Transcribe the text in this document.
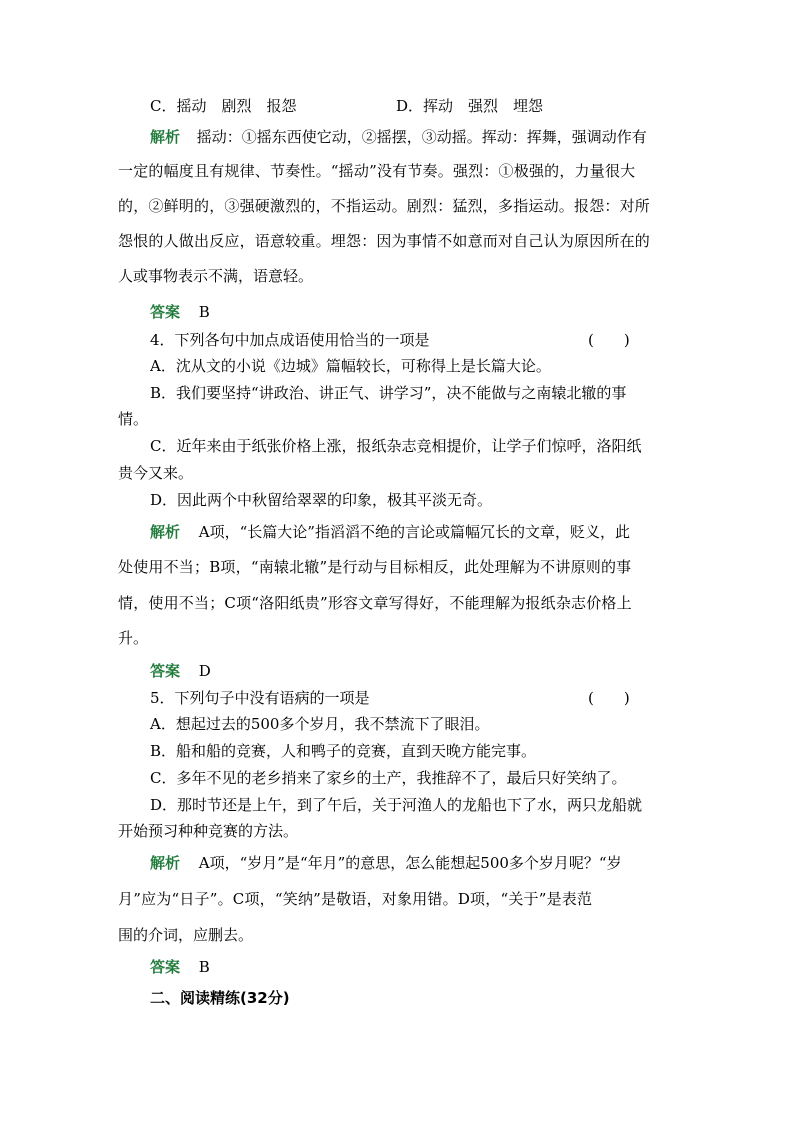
C．摇动　剧烈　报怨	D．挥动　强烈　埋怨
解析 摇动：①摇东西使它动，②摇摆，③动摇。挥动：挥舞，强调动作有
一定的幅度且有规律、节奏性。“摇动”没有节奏。强烈：①极强的，力量很大
的，②鲜明的，③强硬激烈的，不指运动。剧烈：猛烈，多指运动。报怨：对所
怨恨的人做出反应，语意较重。埋怨：因为事情不如意而对自己认为原因所在的
人或事物表示不满，语意轻。
答案 B
4．下列各句中加点成语使用恰当的一项是	(　　)
A．沈从文的小说《边城》篇幅较长，可称得上是长篇大论。
B．我们要坚持“讲政治、讲正气、讲学习”，决不能做与之南辕北辙的事
情。
C．近年来由于纸张价格上涨，报纸杂志竞相提价，让学子们惊呼，洛阳纸
贵今又来。
D．因此两个中秋留给翠翠的印象，极其平淡无奇。
解析 A项，“长篇大论”指滔滔不绝的言论或篇幅冗长的文章，贬义，此
处使用不当；B项，“南辕北辙”是行动与目标相反，此处理解为不讲原则的事
情，使用不当；C项“洛阳纸贵”形容文章写得好，不能理解为报纸杂志价格上
升。
答案 D
5．下列句子中没有语病的一项是	(　　)
A．想起过去的500多个岁月，我不禁流下了眼泪。
B．船和船的竞赛，人和鸭子的竞赛，直到天晚方能完事。
C．多年不见的老乡捎来了家乡的土产，我推辞不了，最后只好笑纳了。
D．那时节还是上午，到了午后，关于河渔人的龙船也下了水，两只龙船就
开始预习种种竞赛的方法。
解析 A项，“岁月”是“年月”的意思，怎么能想起500多个岁月呢？“岁
月”应为“日子”。C项，“笑纳”是敬语，对象用错。D项，“关于”是表范
围的介词，应删去。
答案 B
二、阅读精练(32分)
